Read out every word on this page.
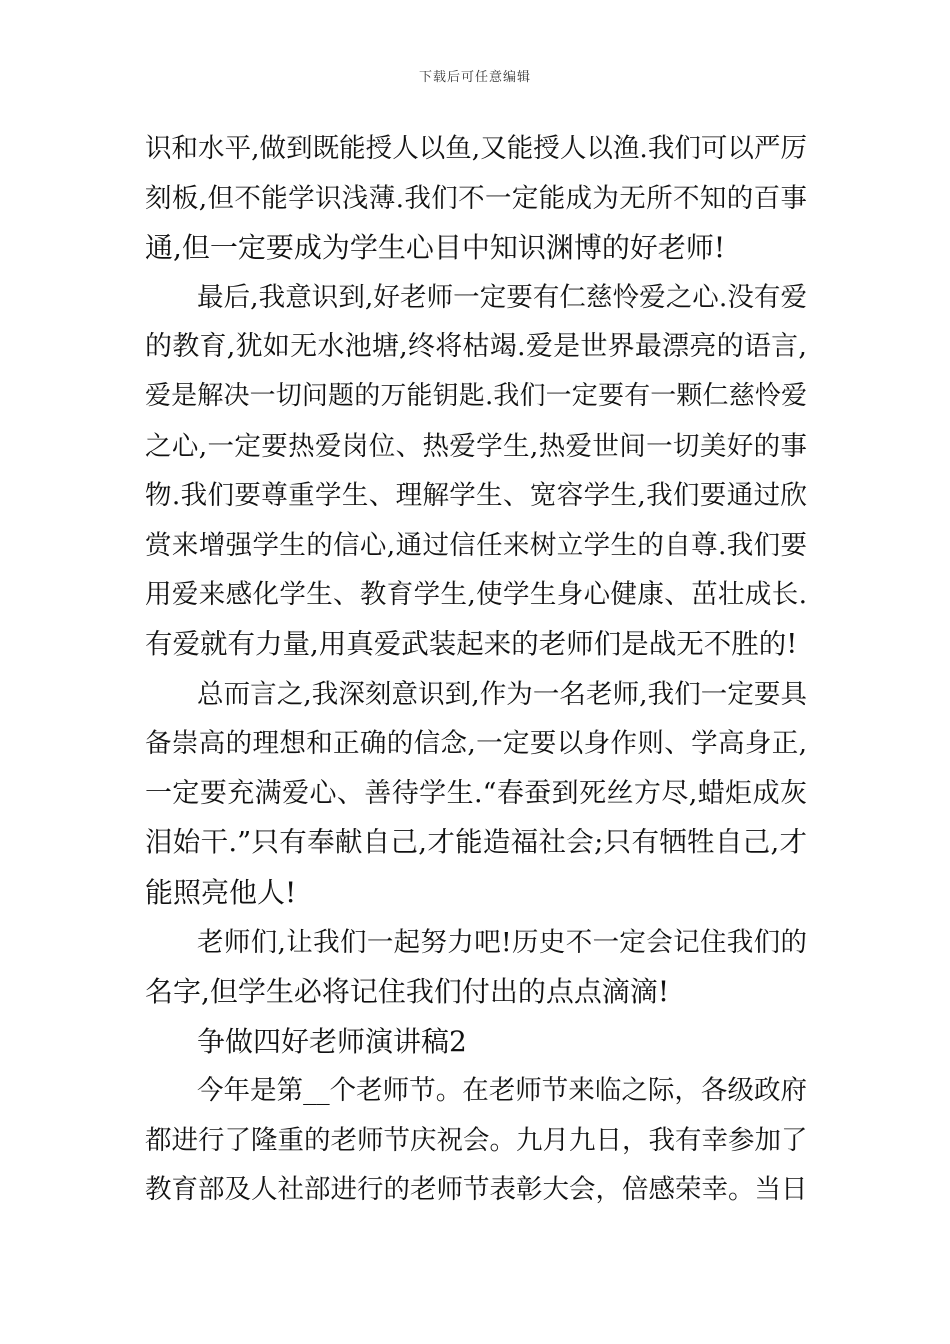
下载后可任意编辑
识和水平,做到既能授人以鱼,又能授人以渔.我们可以严厉
刻板,但不能学识浅薄.我们不一定能成为无所不知的百事
通,但一定要成为学生心目中知识渊博的好老师!
最后,我意识到,好老师一定要有仁慈怜爱之心.没有爱
的教育,犹如无水池塘,终将枯竭.爱是世界最漂亮的语言,
爱是解决一切问题的万能钥匙.我们一定要有一颗仁慈怜爱
之心,一定要热爱岗位、热爱学生,热爱世间一切美好的事
物.我们要尊重学生、理解学生、宽容学生,我们要通过欣
赏来增强学生的信心,通过信任来树立学生的自尊.我们要
用爱来感化学生、教育学生,使学生身心健康、茁壮成长.
有爱就有力量,用真爱武装起来的老师们是战无不胜的!
总而言之,我深刻意识到,作为一名老师,我们一定要具
备崇高的理想和正确的信念,一定要以身作则、学高身正,
一定要充满爱心、善待学生.“春蚕到死丝方尽,蜡炬成灰
泪始干.”只有奉献自己,才能造福社会;只有牺牲自己,才
能照亮他人!
老师们,让我们一起努力吧!历史不一定会记住我们的
名字,但学生必将记住我们付出的点点滴滴!
争做四好老师演讲稿2
今年是第__个老师节。在老师节来临之际，各级政府
都进行了隆重的老师节庆祝会。九月九日，我有幸参加了
教育部及人社部进行的老师节表彰大会，倍感荣幸。当日
